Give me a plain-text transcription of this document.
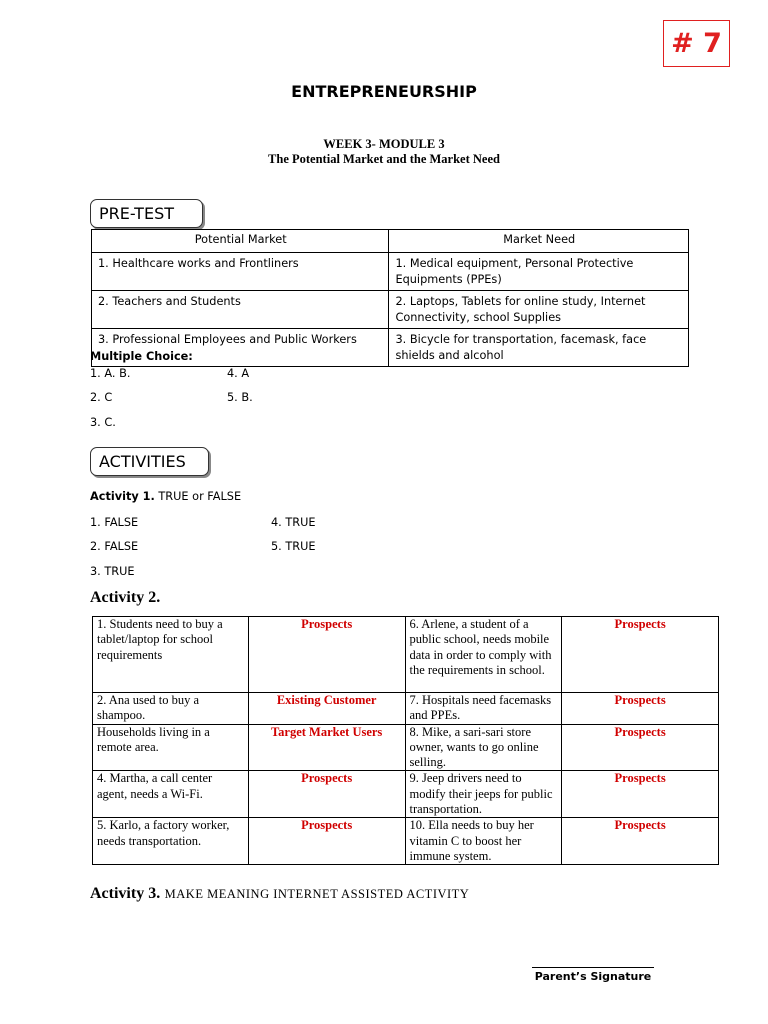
# 7
ENTREPRENEURSHIP
WEEK 3- MODULE 3
The Potential Market and the Market Need
PRE-TEST
Potential Market	Market Need
1. Healthcare works and Frontliners	1. Medical equipment, Personal Protective Equipments (PPEs)
2. Teachers and Students	2. Laptops, Tablets for online study, Internet Connectivity, school Supplies
3. Professional Employees and Public Workers	3. Bicycle for transportation, facemask, face shields and alcohol
Multiple Choice:
1. A. B.
2. C
3. C.
4. A
5. B.
ACTIVITIES
Activity 1. TRUE or FALSE
1. FALSE
2. FALSE
3. TRUE
4. TRUE
5. TRUE
Activity 2.
1. Students need to buy a tablet/laptop for school requirements	Prospects	6. Arlene, a student of a public school, needs mobile data in order to comply with the requirements in school.	Prospects
2. Ana used to buy a shampoo.	Existing Customer	7. Hospitals need facemasks and PPEs.	Prospects
Households living in a remote area.	Target Market Users	8. Mike, a sari-sari store owner, wants to go online selling.	Prospects
4. Martha, a call center agent, needs a Wi-Fi.	Prospects	9. Jeep drivers need to modify their jeeps for public transportation.	Prospects
5. Karlo, a factory worker, needs transportation.	Prospects	10. Ella needs to buy her vitamin C to boost her immune system.	Prospects
Activity 3. MAKE MEANING INTERNET ASSISTED ACTIVITY
Parent’s Signature
